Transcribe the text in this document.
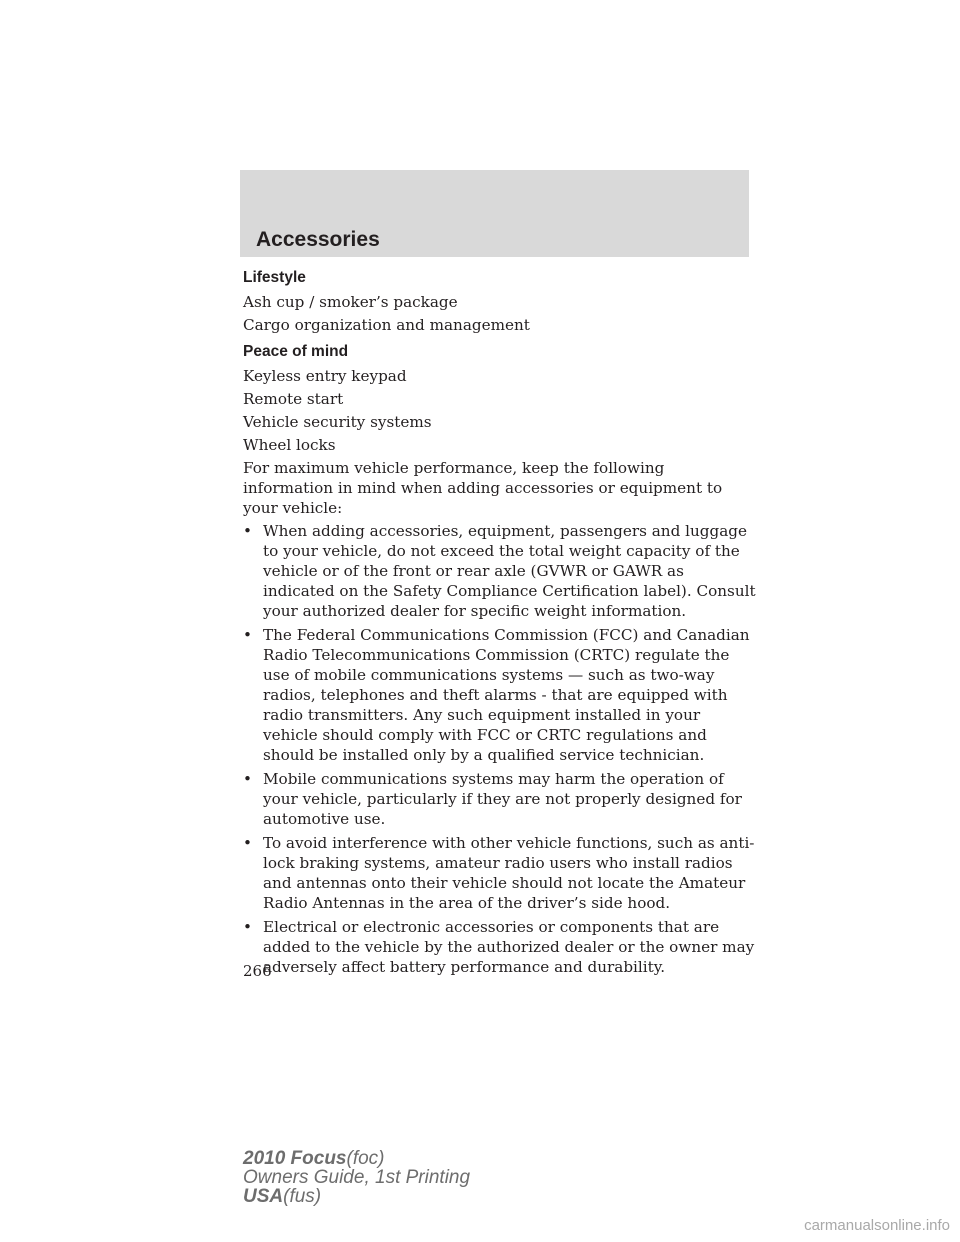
Accessories
Lifestyle

Ash cup / smoker’s package

Cargo organization and management

Peace of mind

Keyless entry keypad

Remote start

Vehicle security systems

Wheel locks

For maximum vehicle performance, keep the following information in mind when adding accessories or equipment to your vehicle:

• When adding accessories, equipment, passengers and luggage to your vehicle, do not exceed the total weight capacity of the vehicle or of the front or rear axle (GVWR or GAWR as indicated on the Safety Compliance Certification label). Consult your authorized dealer for specific weight information.
• The Federal Communications Commission (FCC) and Canadian Radio Telecommunications Commission (CRTC) regulate the use of mobile communications systems — such as two-way radios, telephones and theft alarms - that are equipped with radio transmitters. Any such equipment installed in your vehicle should comply with FCC or CRTC regulations and should be installed only by a qualified service technician.
• Mobile communications systems may harm the operation of your vehicle, particularly if they are not properly designed for automotive use.
• To avoid interference with other vehicle functions, such as anti-lock braking systems, amateur radio users who install radios and antennas onto their vehicle should not locate the Amateur Radio Antennas in the area of the driver’s side hood.
• Electrical or electronic accessories or components that are added to the vehicle by the authorized dealer or the owner may adversely affect battery performance and durability.
266
2010 Focus(foc)
Owners Guide, 1st Printing
USA(fus)
carmanualsonline.info
